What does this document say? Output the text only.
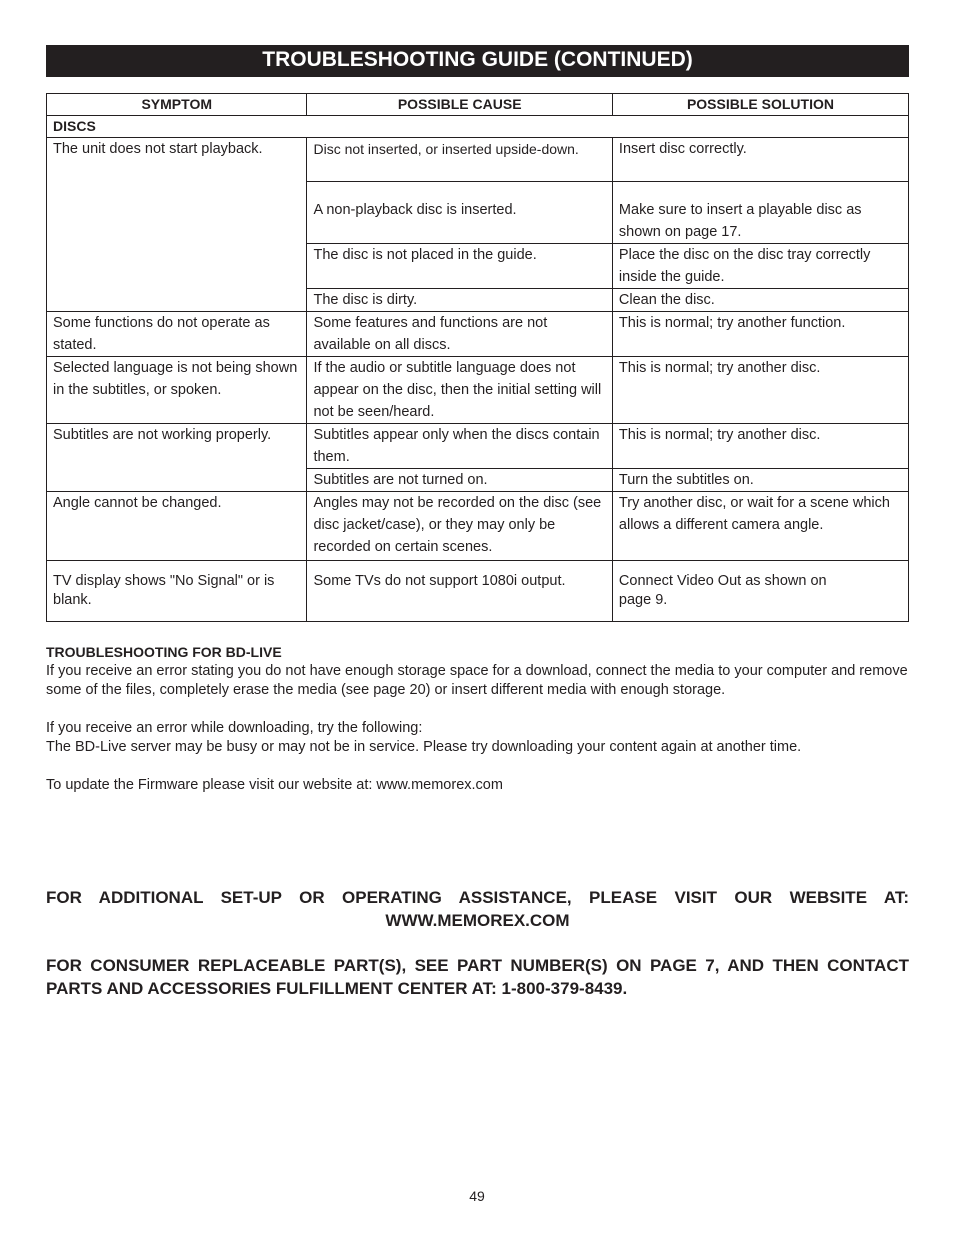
TROUBLESHOOTING GUIDE (CONTINUED)
SYMPTOM	POSSIBLE CAUSE	POSSIBLE SOLUTION
DISCS		
The unit does not start playback.	Disc not inserted, or inserted upside-down.	Insert disc correctly.
	A non-playback disc is inserted.	Make sure to insert a playable disc as shown on page 17.
	The disc is not placed in the guide.	Place the disc on the disc tray correctly inside the guide.
	The disc is dirty.	Clean the disc.
Some functions do not operate as stated.	Some features and functions are not available on all discs.	This is normal; try another function.
Selected language is not being shown in the subtitles, or spoken.	If the audio or subtitle language does not appear on the disc, then the initial setting will not be seen/heard.	This is normal; try another disc.
Subtitles are not working properly.	Subtitles appear only when the discs contain them.	This is normal; try another disc.
	Subtitles are not turned on.	Turn the subtitles on.
Angle cannot be changed.	Angles may not be recorded on the disc (see disc jacket/case), or they may only be recorded on certain scenes.	Try another disc, or wait for a scene which allows a different camera angle.
TV display shows "No Signal" or is blank.	Some TVs do not support 1080i output.	Connect Video Out as shown on page 9.

TROUBLESHOOTING FOR BD-LIVE

If you receive an error stating you do not have enough storage space for a download, connect the media to your computer and remove some of the files, completely erase the media (see page 20) or insert different media with enough storage.

If you receive an error while downloading, try the following:

The BD-Live server may be busy or may not be in service. Please try downloading your content again at another time.

To update the Firmware please visit our website at: www.memorex.com

FOR ADDITIONAL SET-UP OR OPERATING ASSISTANCE, PLEASE VISIT OUR WEBSITE AT:
WWW.MEMOREX.COM
FOR CONSUMER REPLACEABLE PART(S), SEE PART NUMBER(S) ON PAGE 7, AND THEN CONTACT PARTS AND ACCESSORIES FULFILLMENT CENTER AT: 1-800-379-8439.
49
